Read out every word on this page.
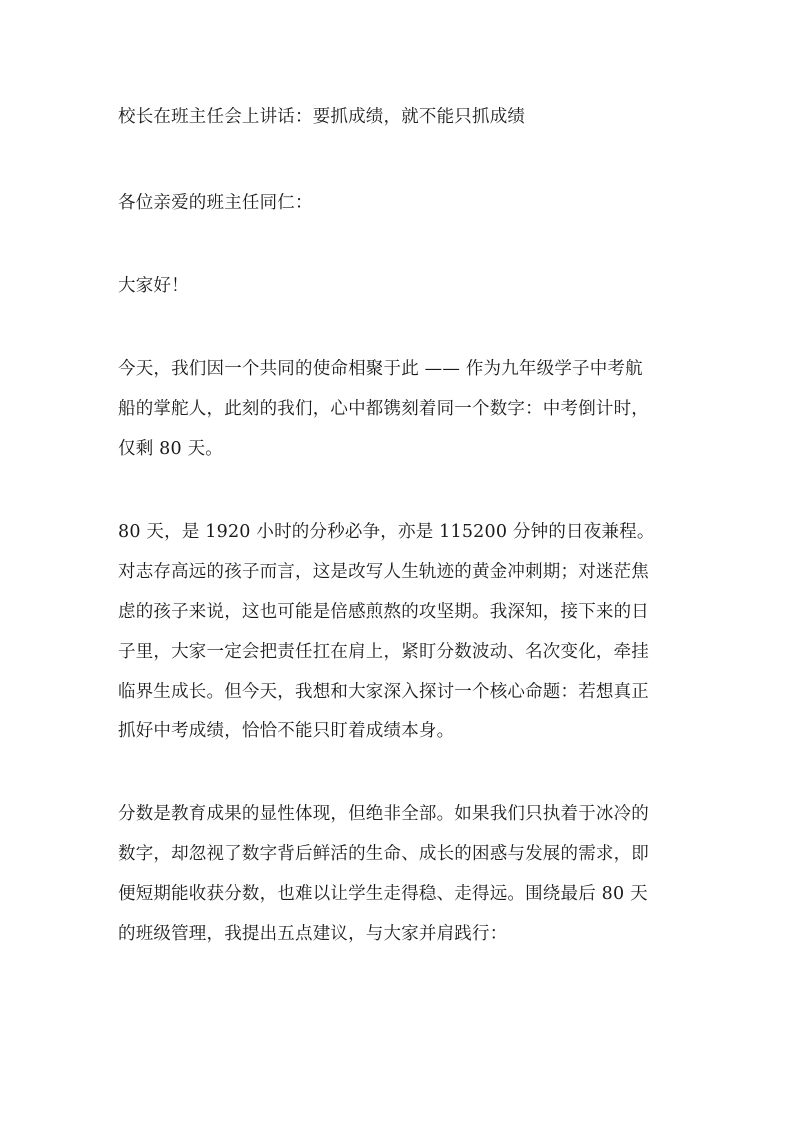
校长在班主任会上讲话：要抓成绩，就不能只抓成绩
各位亲爱的班主任同仁：
大家好！
今天，我们因一个共同的使命相聚于此 —— 作为九年级学子中考航
船的掌舵人，此刻的我们，心中都镌刻着同一个数字：中考倒计时，
仅剩 80 天。
80 天，是 1920 小时的分秒必争，亦是 115200 分钟的日夜兼程。
对志存高远的孩子而言，这是改写人生轨迹的黄金冲刺期；对迷茫焦
虑的孩子来说，这也可能是倍感煎熬的攻坚期。我深知，接下来的日
子里，大家一定会把责任扛在肩上，紧盯分数波动、名次变化，牵挂
临界生成长。但今天，我想和大家深入探讨一个核心命题：若想真正
抓好中考成绩，恰恰不能只盯着成绩本身。
分数是教育成果的显性体现，但绝非全部。如果我们只执着于冰冷的
数字，却忽视了数字背后鲜活的生命、成长的困惑与发展的需求，即
便短期能收获分数，也难以让学生走得稳、走得远。围绕最后 80 天
的班级管理，我提出五点建议，与大家并肩践行：
